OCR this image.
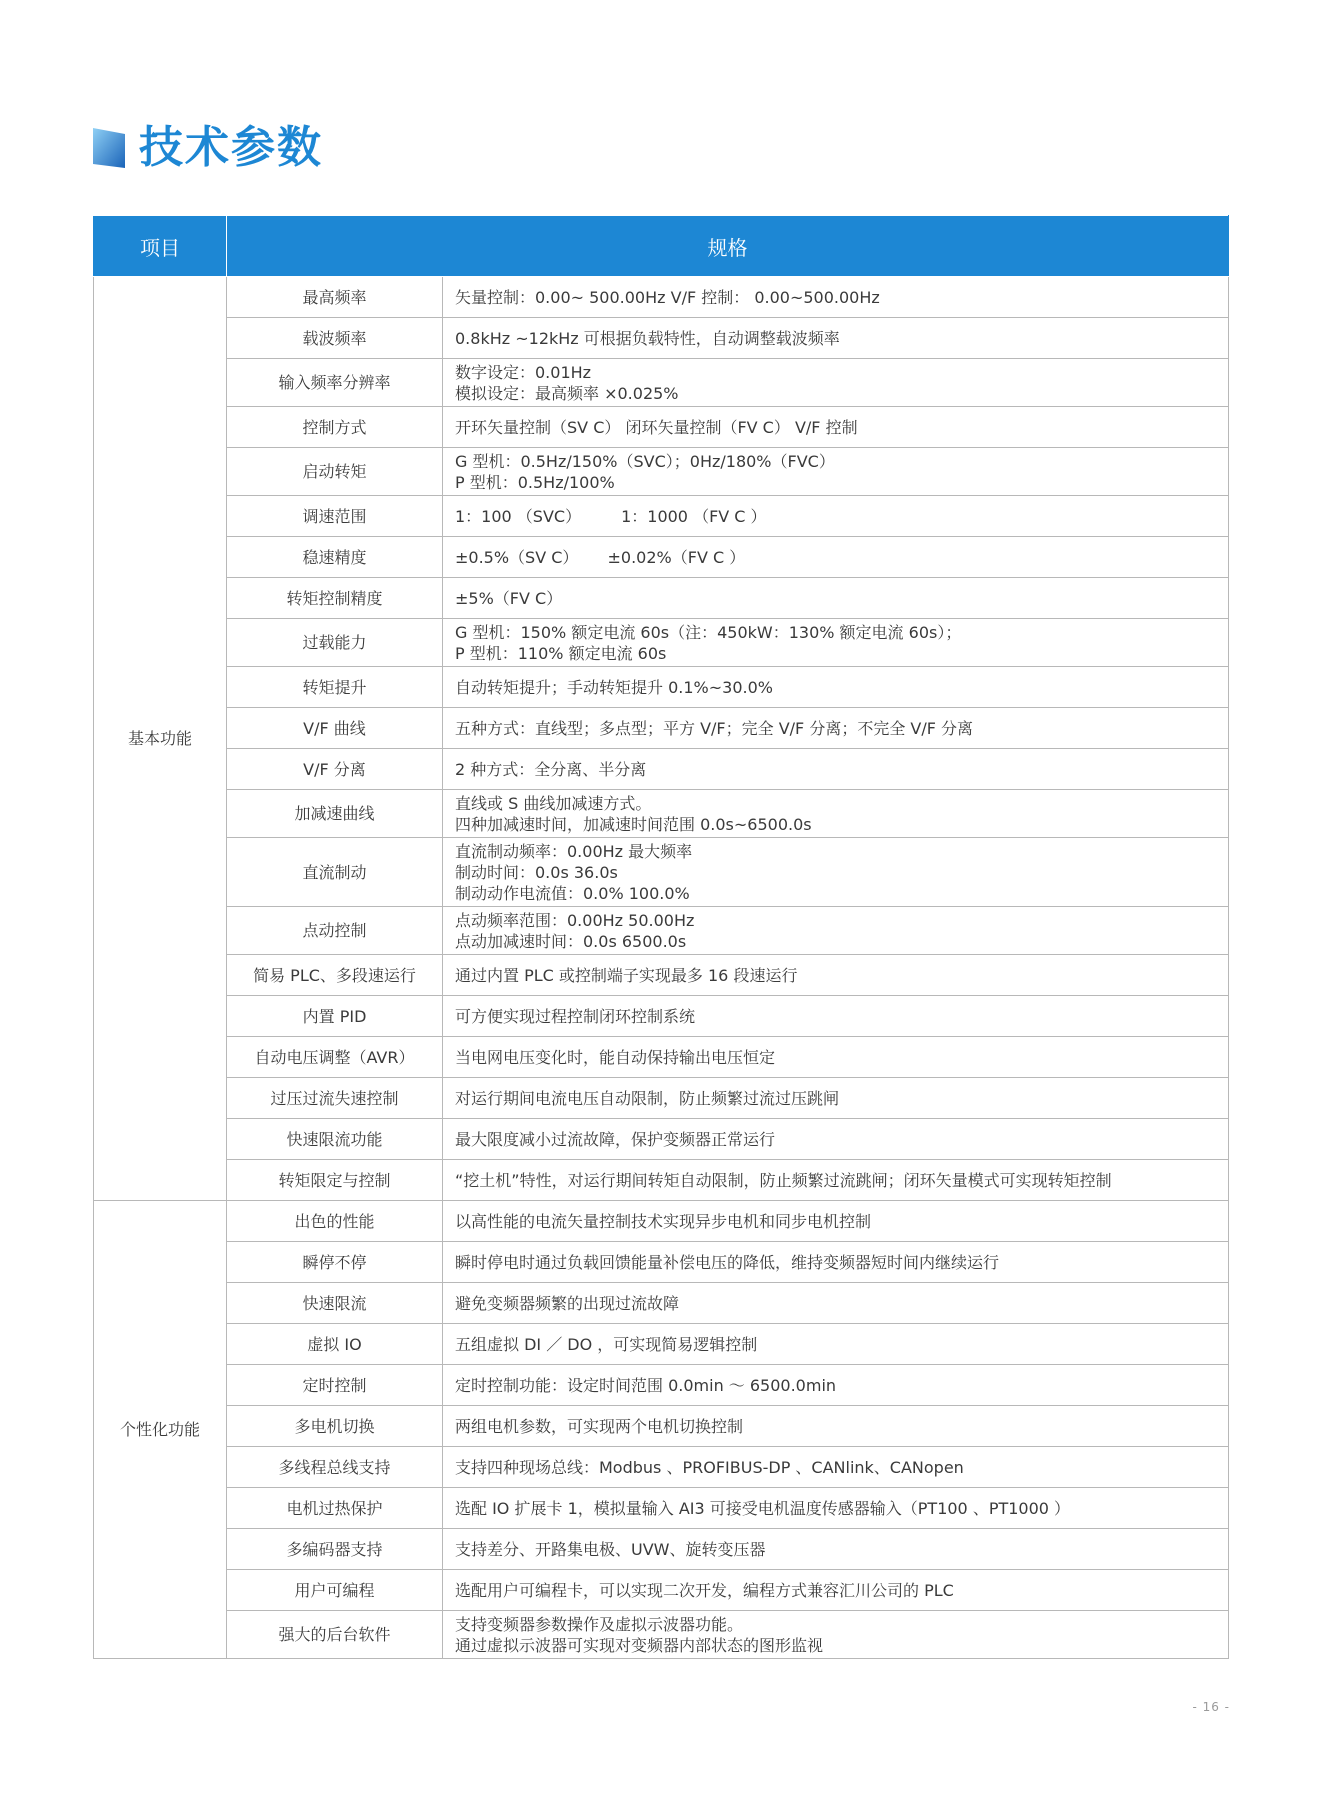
技术参数
项目	规格	
基本功能	最高频率	矢量控制：0.00~ 500.00Hz V/F 控制： 0.00~500.00Hz

	载波频率	0.8kHz ~12kHz 可根据负载特性，自动调整载波频率

	输入频率分辨率	数字设定：0.01Hz
模拟设定：最高频率 ×0.025%

	控制方式	开环矢量控制（SV C） 闭环矢量控制（FV C） V/F 控制

	启动转矩	G 型机：0.5Hz/150%（SVC）；0Hz/180%（FVC）
P 型机：0.5Hz/100%

	调速范围	1：100 （SVC）　　　1：1000 （FV C ）

	稳速精度	±0.5%（SV C）　　 ±0.02%（FV C ）

	转矩控制精度	±5%（FV C）

	过载能力	G 型机：150% 额定电流 60s（注：450kW：130% 额定电流 60s）；
P 型机：110% 额定电流 60s

	转矩提升	自动转矩提升；手动转矩提升 0.1%~30.0%

	V/F 曲线	五种方式：直线型；多点型；平方 V/F；完全 V/F 分离；不完全 V/F 分离

	V/F 分离	2 种方式：全分离、半分离

	加减速曲线	直线或 S 曲线加减速方式。
四种加减速时间，加减速时间范围 0.0s~6500.0s

	直流制动	直流制动频率：0.00Hz 最大频率
制动时间：0.0s 36.0s
制动动作电流值：0.0% 100.0%

	点动控制	点动频率范围：0.00Hz 50.00Hz
点动加减速时间：0.0s 6500.0s

	简易 PLC、多段速运行	通过内置 PLC 或控制端子实现最多 16 段速运行

	内置 PID	可方便实现过程控制闭环控制系统

	自动电压调整（AVR）	当电网电压变化时，能自动保持输出电压恒定

	过压过流失速控制	对运行期间电流电压自动限制，防止频繁过流过压跳闸

	快速限流功能	最大限度减小过流故障，保护变频器正常运行

	转矩限定与控制	“挖土机”特性，对运行期间转矩自动限制，防止频繁过流跳闸；闭环矢量模式可实现转矩控制

个性化功能	出色的性能	以高性能的电流矢量控制技术实现异步电机和同步电机控制

	瞬停不停	瞬时停电时通过负载回馈能量补偿电压的降低，维持变频器短时间内继续运行

	快速限流	避免变频器频繁的出现过流故障

	虚拟 IO	五组虚拟 DI ／ DO ，可实现简易逻辑控制

	定时控制	定时控制功能：设定时间范围 0.0min ～ 6500.0min

	多电机切换	两组电机参数，可实现两个电机切换控制

	多线程总线支持	支持四种现场总线：Modbus 、PROFIBUS-DP 、CANlink、CANopen

	电机过热保护	选配 IO 扩展卡 1，模拟量输入 AI3 可接受电机温度传感器输入（PT100 、PT1000 ）

	多编码器支持	支持差分、开路集电极、UVW、旋转变压器

	用户可编程	选配用户可编程卡，可以实现二次开发，编程方式兼容汇川公司的 PLC

	强大的后台软件	支持变频器参数操作及虚拟示波器功能。
通过虚拟示波器可实现对变频器内部状态的图形监视
- 16 -
